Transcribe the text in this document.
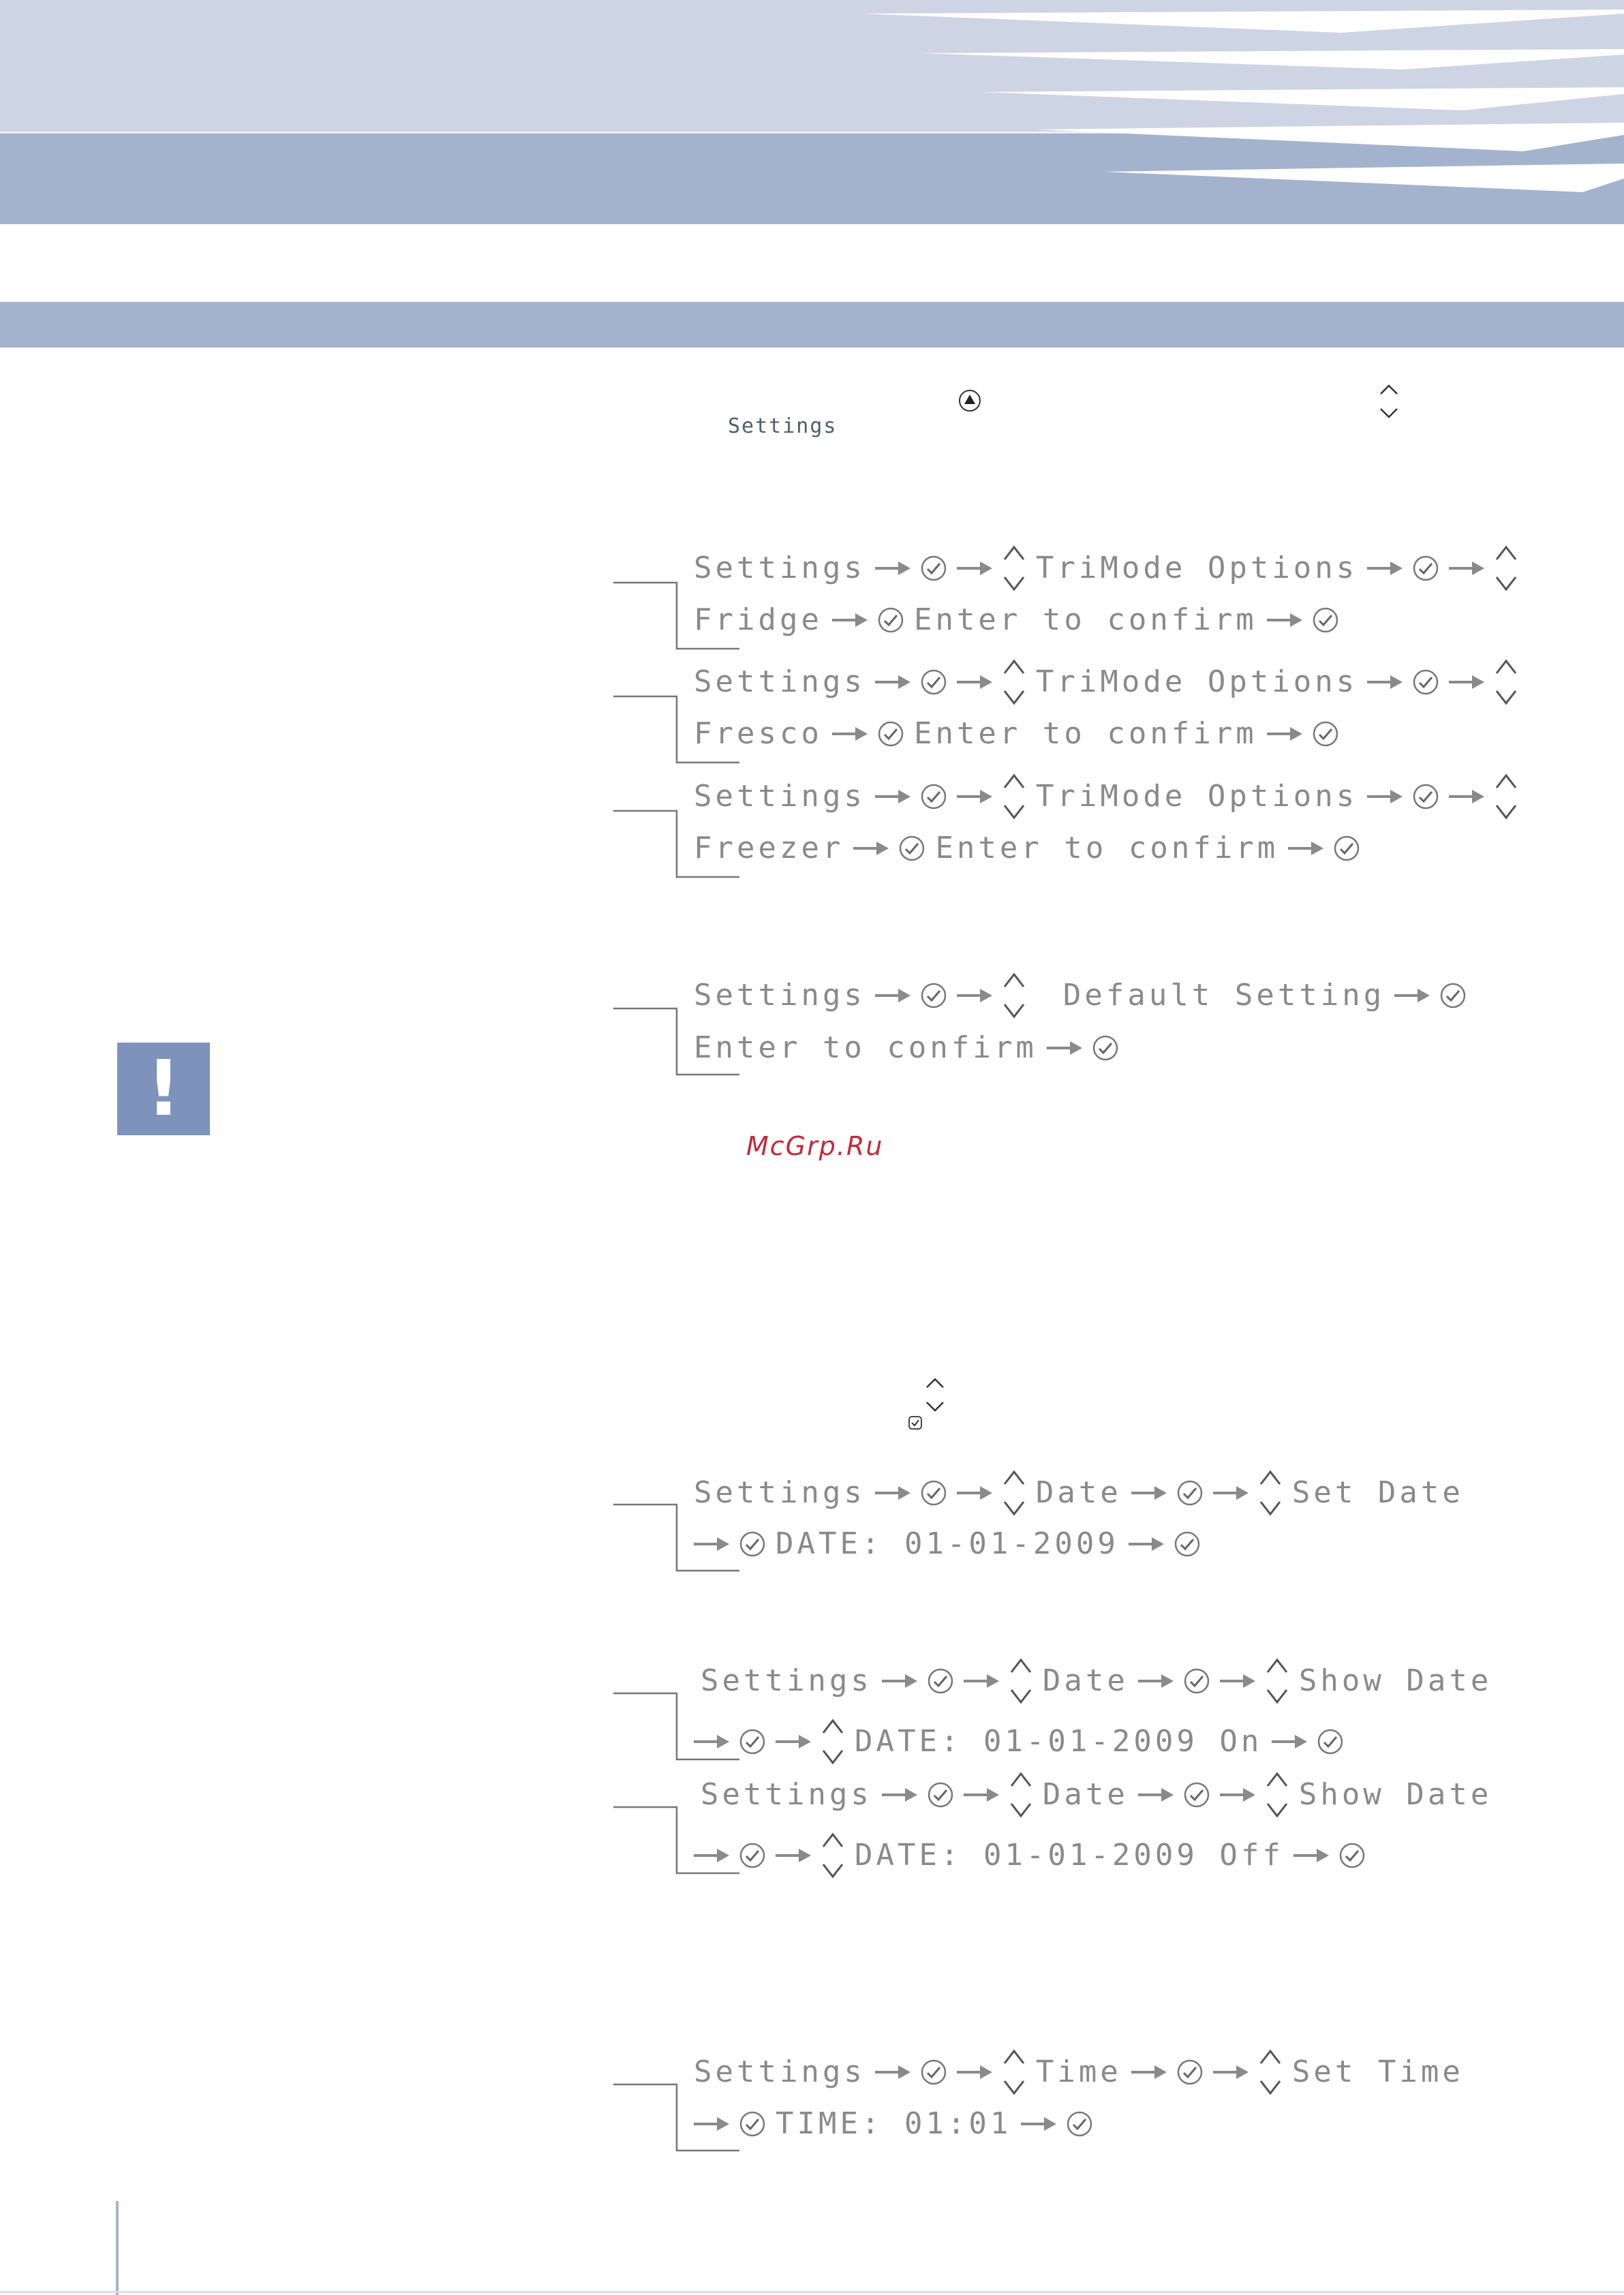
Settings
Settings	TriMode Options
Fridge	Enter to confirm
Settings	TriMode Options
Fresco	Enter to confirm
Settings	TriMode Options
Freezer	Enter to confirm
Settings	Default Setting
Enter to confirm
!
McGrp.Ru
Settings	Date	Set Date
DATE: 01-01-2009
Settings	Date	Show Date
DATE: 01-01-2009 On
Settings	Date	Show Date
DATE: 01-01-2009 Off
Settings	Time	Set Time
TIME: 01:01
